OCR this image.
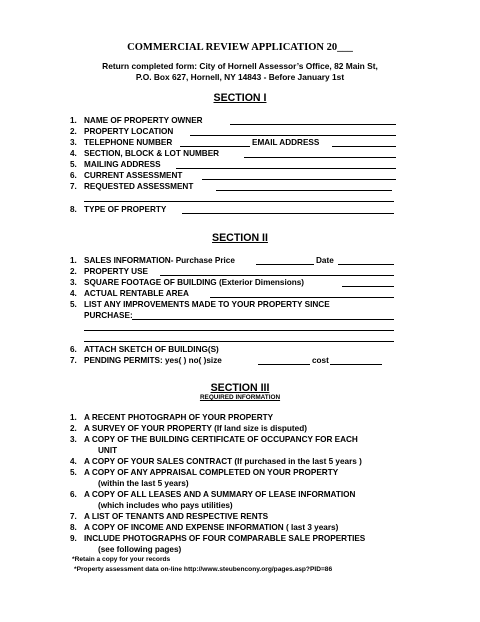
COMMERCIAL REVIEW APPLICATION 20___
Return completed form: City of Hornell Assessor’s Office, 82 Main St,
P.O. Box 627, Hornell, NY 14843 - Before January 1st
SECTION I
1. NAME OF PROPERTY OWNER
2. PROPERTY LOCATION
3. TELEPHONE NUMBER	EMAIL ADDRESS
4. SECTION, BLOCK & LOT NUMBER
5. MAILING ADDRESS
6. CURRENT ASSESSMENT
7. REQUESTED ASSESSMENT
8. TYPE OF PROPERTY
SECTION II
1. SALES INFORMATION- Purchase Price	Date
2. PROPERTY USE
3. SQUARE FOOTAGE OF BUILDING (Exterior Dimensions)
4. ACTUAL RENTABLE AREA
5. LIST ANY IMPROVEMENTS MADE TO YOUR PROPERTY SINCE
PURCHASE:
6. ATTACH SKETCH OF BUILDING(S)
7. PENDING PERMITS: yes( ) no( )size	cost
SECTION III
REQUIRED INFORMATION
1. A RECENT PHOTOGRAPH OF YOUR PROPERTY
2. A SURVEY OF YOUR PROPERTY (If land size is disputed)
3. A COPY OF THE BUILDING CERTIFICATE OF OCCUPANCY FOR EACH
UNIT
4. A COPY OF YOUR SALES CONTRACT (If purchased in the last 5 years )
5. A COPY OF ANY APPRAISAL COMPLETED ON YOUR PROPERTY
(within the last 5 years)
6. A COPY OF ALL LEASES AND A SUMMARY OF LEASE INFORMATION
(which includes who pays utilities)
7. A LIST OF TENANTS AND RESPECTIVE RENTS
8. A COPY OF INCOME AND EXPENSE INFORMATION ( last 3 years)
9. INCLUDE PHOTOGRAPHS OF FOUR COMPARABLE SALE PROPERTIES
(see following pages)
*Retain a copy for your records
*Property assessment data on-line http://www.steubencony.org/pages.asp?PID=86
